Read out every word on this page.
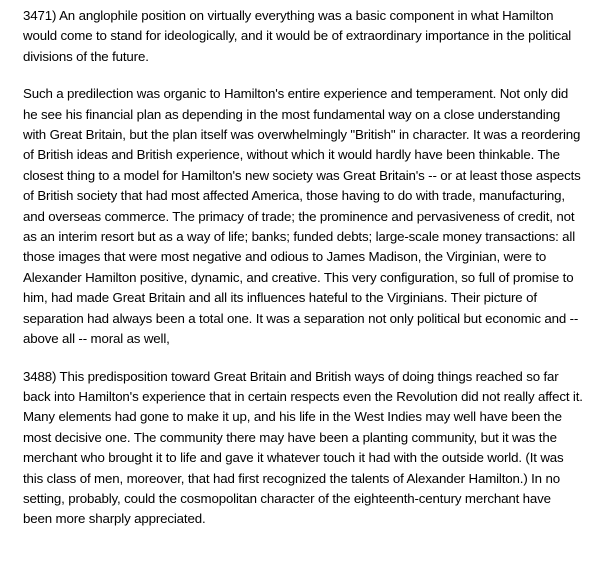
3471) An anglophile position on virtually everything was a basic component in what Hamilton would come to stand for ideologically, and it would be of extraordinary importance in the political divisions of the future.

Such a predilection was organic to Hamilton's entire experience and temperament. Not only did he see his financial plan as depending in the most fundamental way on a close understanding with Great Britain, but the plan itself was overwhelmingly "British" in character. It was a reordering of British ideas and British experience, without which it would hardly have been thinkable. The closest thing to a model for Hamilton's new society was Great Britain's -- or at least those aspects of British society that had most affected America, those having to do with trade, manufacturing, and overseas commerce. The primacy of trade; the prominence and pervasiveness of credit, not as an interim resort but as a way of life; banks; funded debts; large-scale money transactions: all those images that were most negative and odious to James Madison, the Virginian, were to Alexander Hamilton positive, dynamic, and creative. This very configuration, so full of promise to him, had made Great Britain and all its influences hateful to the Virginians. Their picture of separation had always been a total one. It was a separation not only political but economic and -- above all -- moral as well,

3488) This predisposition toward Great Britain and British ways of doing things reached so far back into Hamilton's experience that in certain respects even the Revolution did not really affect it. Many elements had gone to make it up, and his life in the West Indies may well have been the most decisive one. The community there may have been a planting community, but it was the merchant who brought it to life and gave it whatever touch it had with the outside world. (It was this class of men, moreover, that had first recognized the talents of Alexander Hamilton.) In no setting, probably, could the cosmopolitan character of the eighteenth-century merchant have been more sharply appreciated.
